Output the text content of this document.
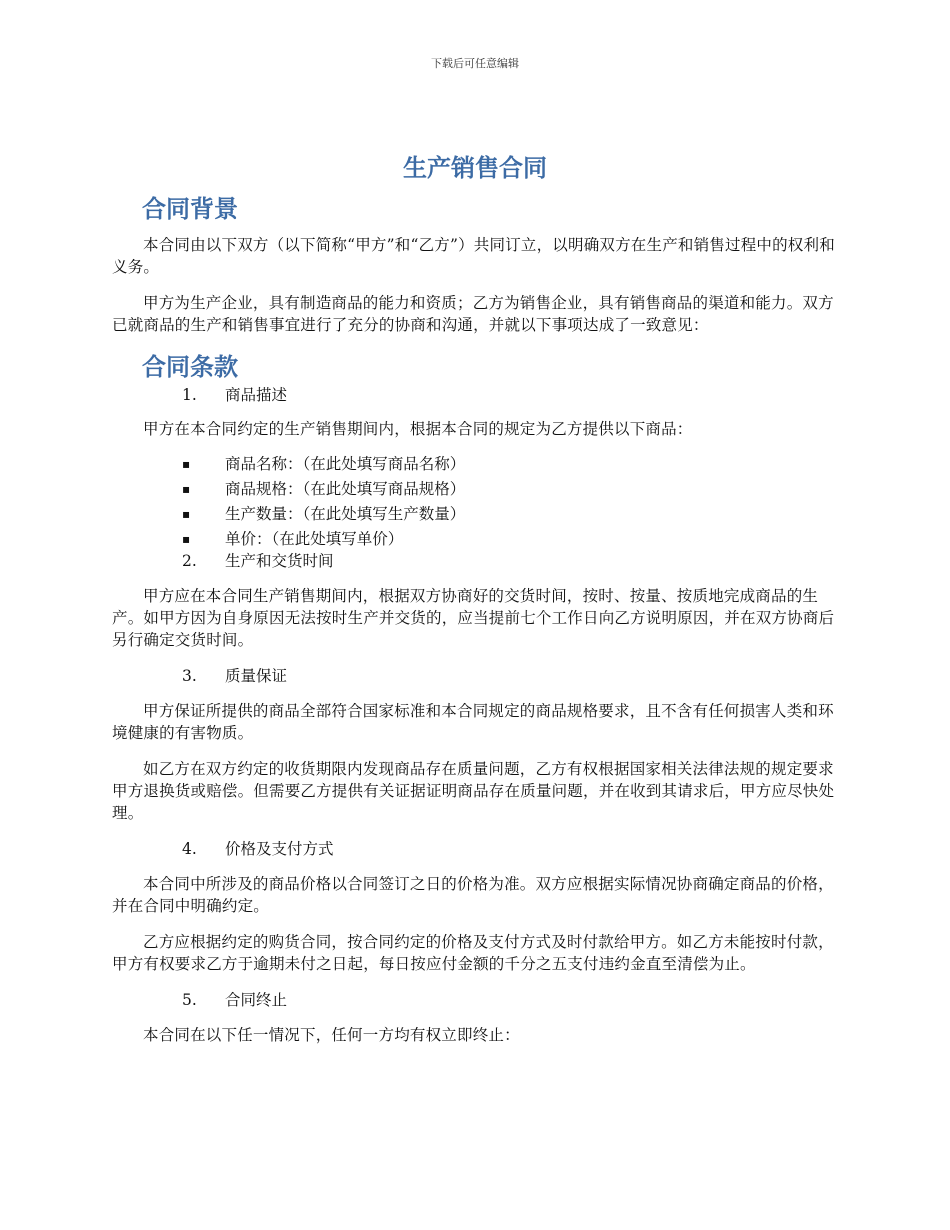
下载后可任意编辑
生产销售合同
合同背景

本合同由以下双方（以下简称“甲方”和“乙方”）共同订立，以明确双方在生产和销售过程中的权利和义务。

甲方为生产企业，具有制造商品的能力和资质；乙方为销售企业，具有销售商品的渠道和能力。双方已就商品的生产和销售事宜进行了充分的协商和沟通，并就以下事项达成了一致意见：

合同条款
1. 商品描述

甲方在本合同约定的生产销售期间内，根据本合同的规定为乙方提供以下商品：

▪ 商品名称：（在此处填写商品名称）
▪ 商品规格：（在此处填写商品规格）
▪ 生产数量：（在此处填写生产数量）
▪ 单价：（在此处填写单价）
2. 生产和交货时间

甲方应在本合同生产销售期间内，根据双方协商好的交货时间，按时、按量、按质地完成商品的生产。如甲方因为自身原因无法按时生产并交货的，应当提前七个工作日向乙方说明原因，并在双方协商后另行确定交货时间。

3. 质量保证

甲方保证所提供的商品全部符合国家标准和本合同规定的商品规格要求，且不含有任何损害人类和环境健康的有害物质。

如乙方在双方约定的收货期限内发现商品存在质量问题，乙方有权根据国家相关法律法规的规定要求甲方退换货或赔偿。但需要乙方提供有关证据证明商品存在质量问题，并在收到其请求后，甲方应尽快处理。

4. 价格及支付方式

本合同中所涉及的商品价格以合同签订之日的价格为准。双方应根据实际情况协商确定商品的价格，并在合同中明确约定。

乙方应根据约定的购货合同，按合同约定的价格及支付方式及时付款给甲方。如乙方未能按时付款，甲方有权要求乙方于逾期未付之日起，每日按应付金额的千分之五支付违约金直至清偿为止。

5. 合同终止

本合同在以下任一情况下，任何一方均有权立即终止：
